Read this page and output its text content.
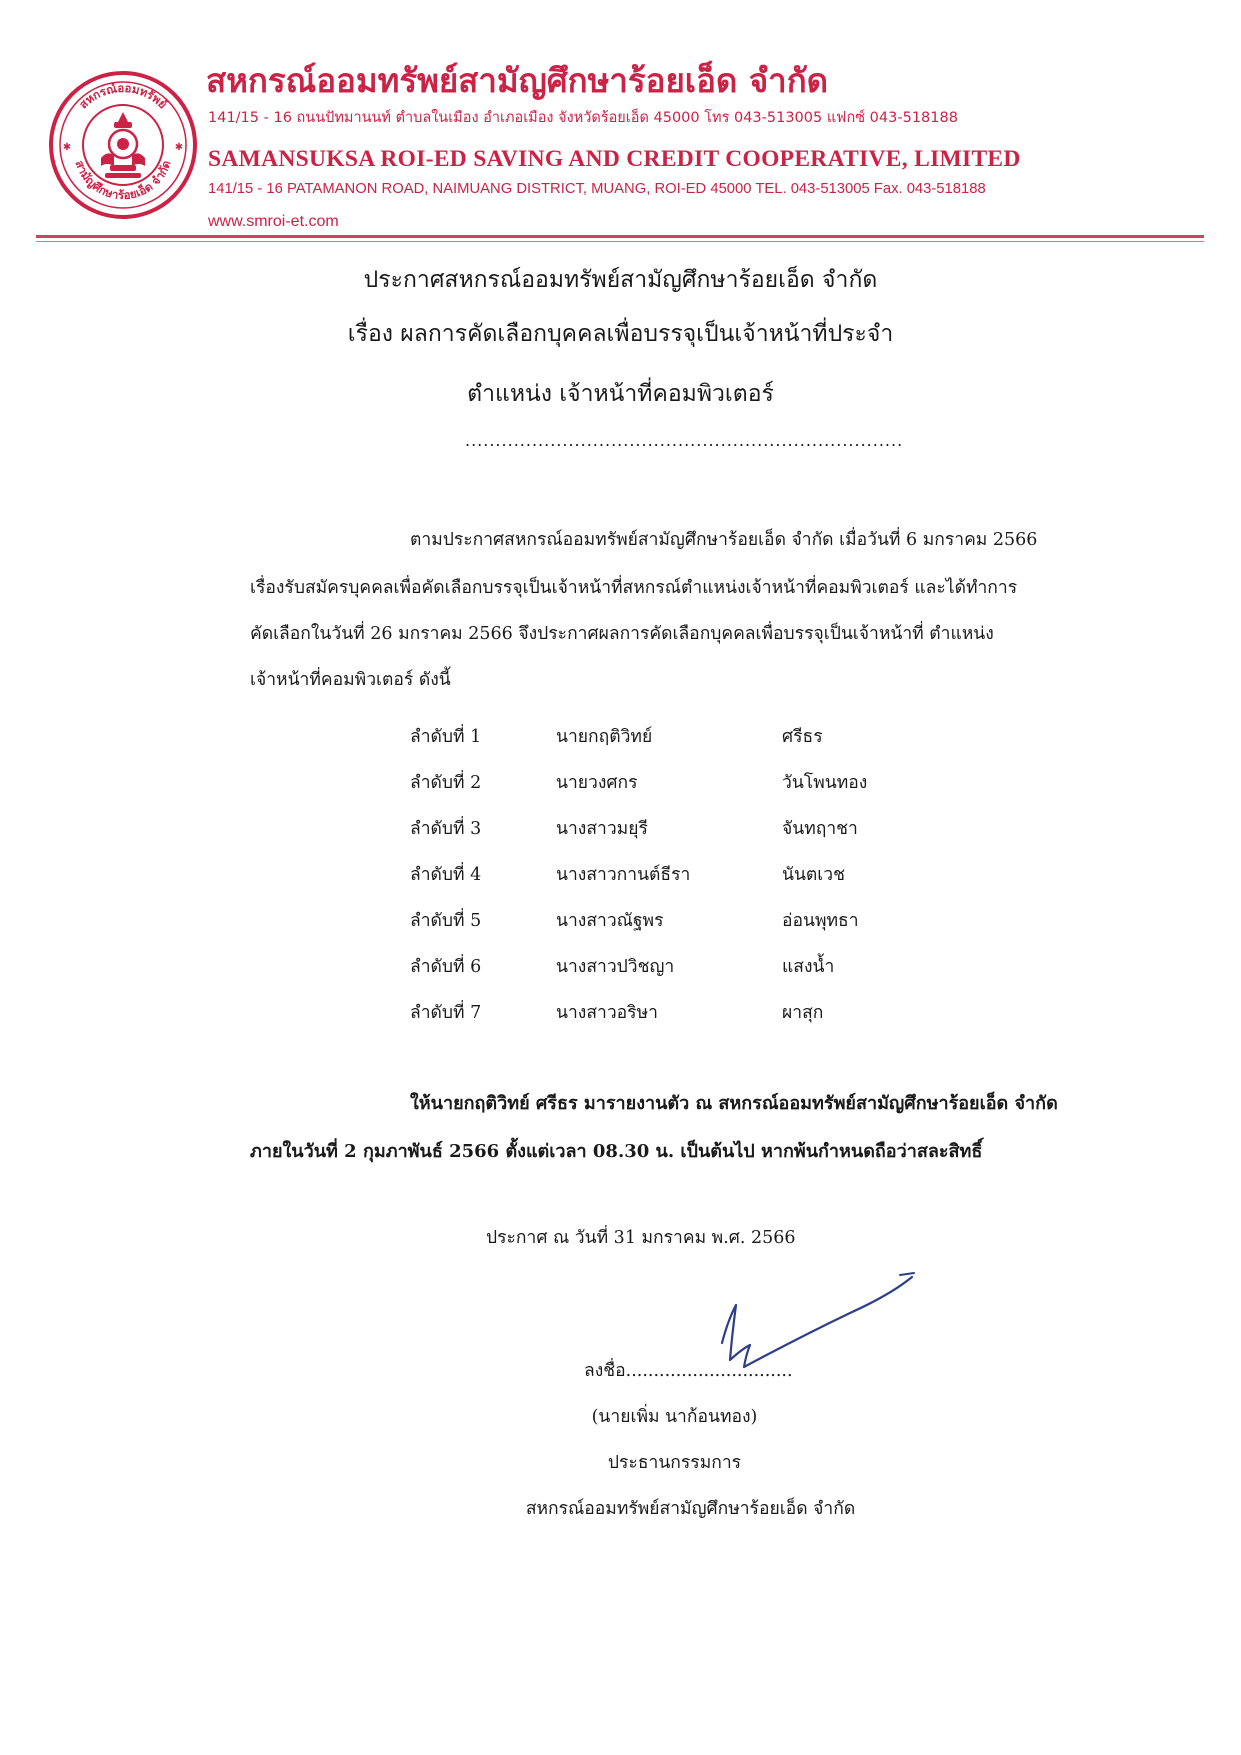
สหกรณ์ออมทรัพย์
สามัญศึกษาร้อยเอ็ด จำกัด
✱	✱
สหกรณ์ออมทรัพย์สามัญศึกษาร้อยเอ็ด จำกัด
141/15 - 16 ถนนปัทมานนท์ ตำบลในเมือง อำเภอเมือง จังหวัดร้อยเอ็ด 45000 โทร 043-513005 แฟกซ์ 043-518188
SAMANSUKSA ROI-ED SAVING AND CREDIT COOPERATIVE, LIMITED
141/15 - 16 PATAMANON ROAD, NAIMUANG DISTRICT, MUANG, ROI-ED 45000 TEL. 043-513005 Fax. 043-518188
www.smroi-et.com
ประกาศสหกรณ์ออมทรัพย์สามัญศึกษาร้อยเอ็ด จำกัด
เรื่อง ผลการคัดเลือกบุคคลเพื่อบรรจุเป็นเจ้าหน้าที่ประจำ
ตำแหน่ง เจ้าหน้าที่คอมพิวเตอร์
........................................................................
ตามประกาศสหกรณ์ออมทรัพย์สามัญศึกษาร้อยเอ็ด จำกัด เมื่อวันที่ 6 มกราคม 2566
เรื่องรับสมัครบุคคลเพื่อคัดเลือกบรรจุเป็นเจ้าหน้าที่สหกรณ์ตำแหน่งเจ้าหน้าที่คอมพิวเตอร์ และได้ทำการ
คัดเลือกในวันที่ 26 มกราคม 2566 จึงประกาศผลการคัดเลือกบุคคลเพื่อบรรจุเป็นเจ้าหน้าที่ ตำแหน่ง
เจ้าหน้าที่คอมพิวเตอร์ ดังนี้
ลำดับที่ 1	นายกฤติวิทย์	ศรีธร
ลำดับที่ 2	นายวงศกร	วันโพนทอง
ลำดับที่ 3	นางสาวมยุรี	จันทฤาชา
ลำดับที่ 4	นางสาวกานต์ธีรา	นันตเวช
ลำดับที่ 5	นางสาวณัฐพร	อ่อนพุทธา
ลำดับที่ 6	นางสาวปวิชญา	แสงน้ำ
ลำดับที่ 7	นางสาวอริษา	ผาสุก
ให้นายกฤติวิทย์ ศรีธร มารายงานตัว ณ สหกรณ์ออมทรัพย์สามัญศึกษาร้อยเอ็ด จำกัด
ภายในวันที่ 2 กุมภาพันธ์ 2566 ตั้งแต่เวลา 08.30 น. เป็นต้นไป หากพ้นกำหนดถือว่าสละสิทธิ์
ประกาศ ณ วันที่ 31 มกราคม พ.ศ. 2566
ลงชื่อ..............................
(นายเพิ่ม นาก้อนทอง)
ประธานกรรมการ
สหกรณ์ออมทรัพย์สามัญศึกษาร้อยเอ็ด จำกัด
